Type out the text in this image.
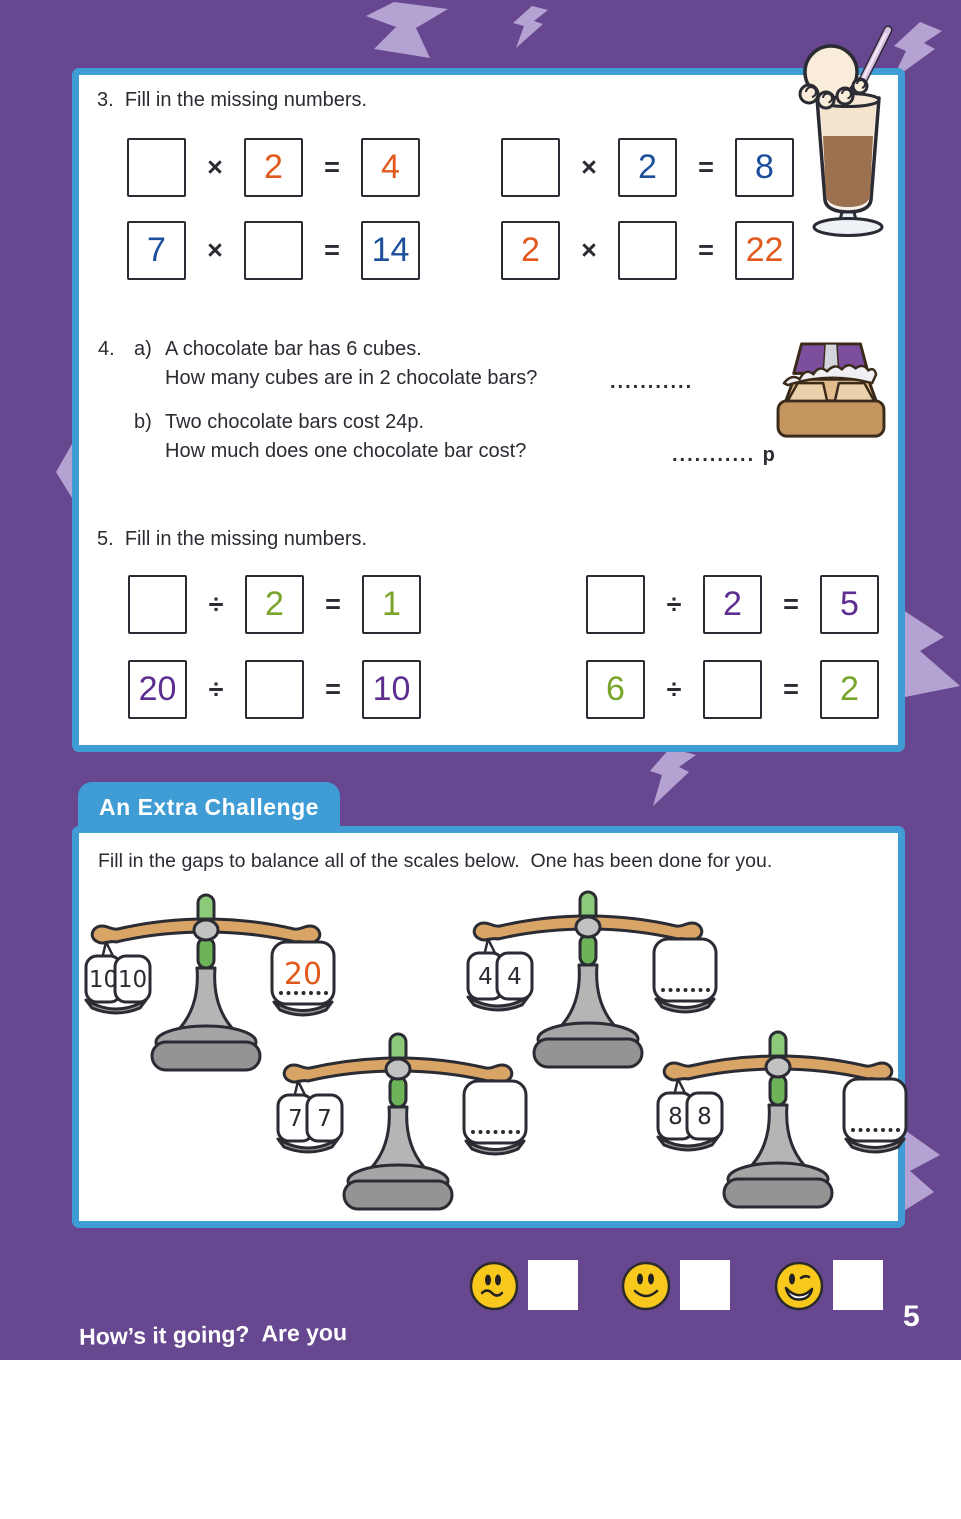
3. Fill in the missing numbers.
×	2	=	4	×	2	=	8
7	×	= 14	2	×	= 22
4. a) A chocolate bar has 6 cubes.
How many cubes are in 2 chocolate bars?	...........
b) Two chocolate bars cost 24p.
How much does one chocolate bar cost?	........... p
5. Fill in the missing numbers.
÷	2	=	1	÷	2	=	5
20	÷	= 10	6	÷	=	2
An Extra Challenge
Fill in the gaps to balance all of the scales below.  One has been done for you.
10 10	20	4 4
7 7	8 8

How’s it going?  Are you

finding this a piece of cake?

5
